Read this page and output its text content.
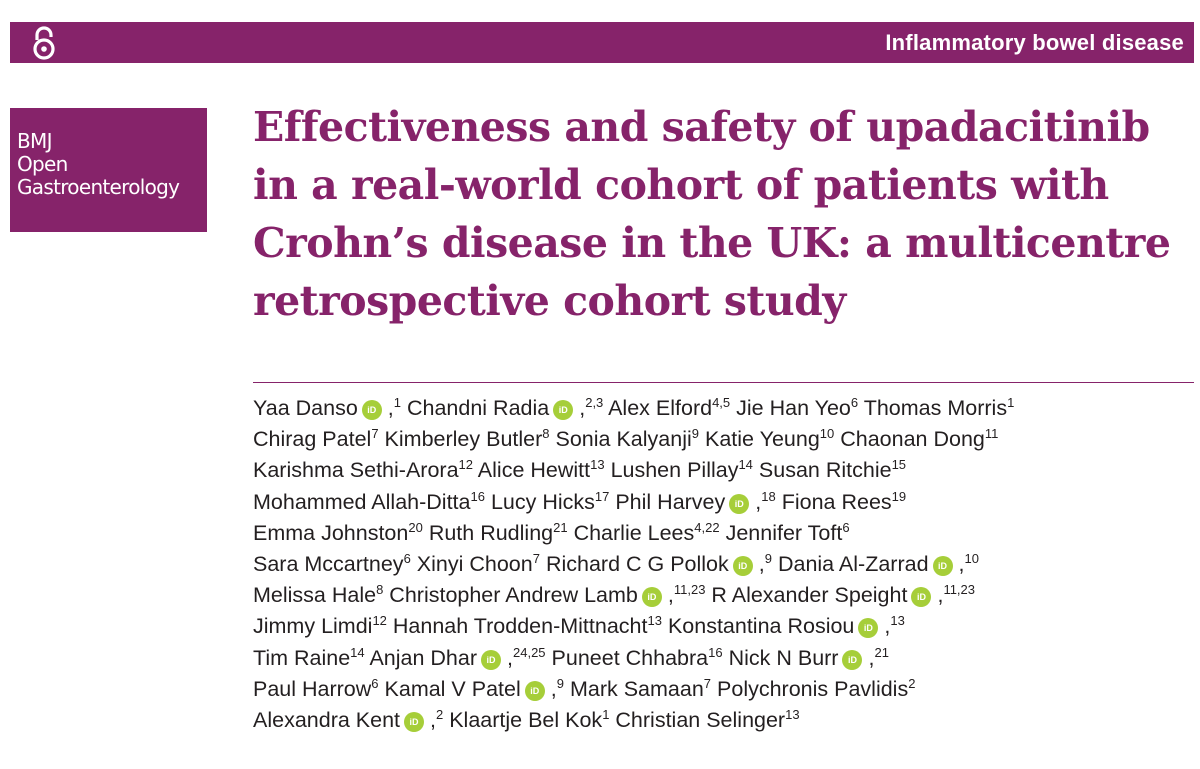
Inflammatory bowel disease
BMJ
Open
Gastroenterology
Effectiveness and safety of upadacitinib
in a real-world cohort of patients with
Crohn’s disease in the UK: a multicentre
retrospective cohort study
Yaa Danso iD ,$^1$ Chandni Radia iD ,$^{2,3}$ Alex Elford$^{4,5}$ Jie Han Yeo$^6$ Thomas Morris$^1$
Chirag Patel$^7$ Kimberley Butler$^8$ Sonia Kalyanji$^9$ Katie Yeung$^{10}$ Chaonan Dong$^{11}$
Karishma Sethi-Arora$^{12}$ Alice Hewitt$^{13}$ Lushen Pillay$^{14}$ Susan Ritchie$^{15}$
Mohammed Allah-Ditta$^{16}$ Lucy Hicks$^{17}$ Phil Harvey iD ,$^{18}$ Fiona Rees$^{19}$
Emma Johnston$^{20}$ Ruth Rudling$^{21}$ Charlie Lees$^{4,22}$ Jennifer Toft$^6$
Sara Mccartney$^6$ Xinyi Choon$^7$ Richard C G Pollok iD ,$^9$ Dania Al-Zarrad iD ,$^{10}$
Melissa Hale$^8$ Christopher Andrew Lamb iD ,$^{11,23}$ R Alexander Speight iD ,$^{11,23}$
Jimmy Limdi$^{12}$ Hannah Trodden-Mittnacht$^{13}$ Konstantina Rosiou iD ,$^{13}$
Tim Raine$^{14}$ Anjan Dhar iD ,$^{24,25}$ Puneet Chhabra$^{16}$ Nick N Burr iD ,$^{21}$
Paul Harrow$^6$ Kamal V Patel iD ,$^9$ Mark Samaan$^7$ Polychronis Pavlidis$^2$
Alexandra Kent iD ,$^2$ Klaartje Bel Kok$^1$ Christian Selinger$^{13}$
